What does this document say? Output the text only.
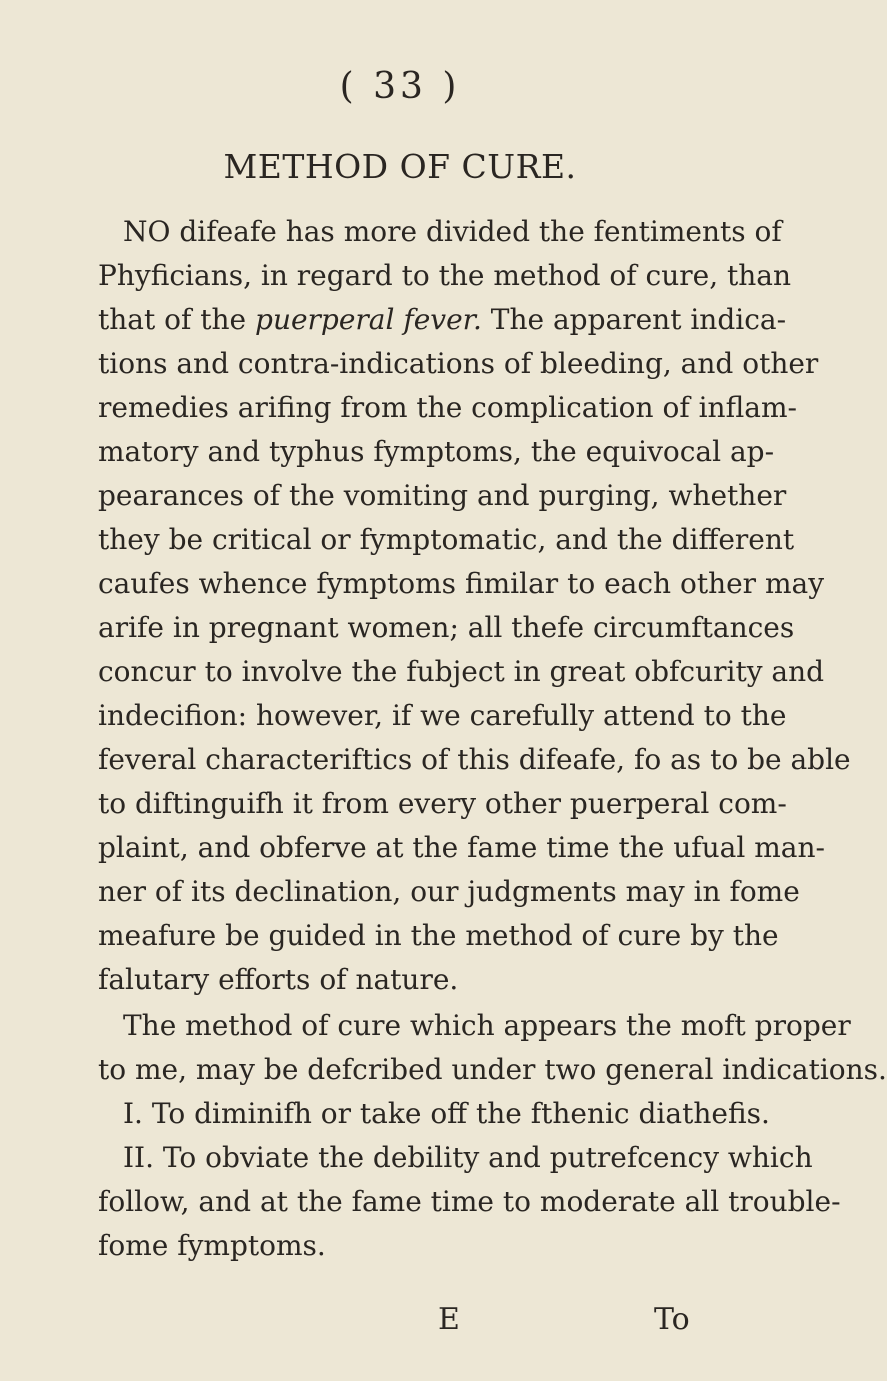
( 33 )
METHOD OF CURE.
NO difeafe has more divided the fentiments of
Phyficians, in regard to the method of cure, than
that of the puerperal fever. The apparent indica-
tions and contra-indications of bleeding, and other
remedies arifing from the complication of inflam-
matory and typhus fymptoms, the equivocal ap-
pearances of the vomiting and purging, whether
they be critical or fymptomatic, and the different
caufes whence fymptoms fimilar to each other may
arife in pregnant women; all thefe circumftances
concur to involve the fubject in great obfcurity and
indecifion: however, if we carefully attend to the
feveral characteriftics of this difeafe, fo as to be able
to diftinguifh it from every other puerperal com-
plaint, and obferve at the fame time the ufual man-
ner of its declination, our judgments may in fome
meafure be guided in the method of cure by the
falutary efforts of nature.
The method of cure which appears the moft proper
to me, may be defcribed under two general indications.
I. To diminifh or take off the fthenic diathefis.
II. To obviate the debility and putrefcency which
follow, and at the fame time to moderate all trouble-
fome fymptoms.
E	To
